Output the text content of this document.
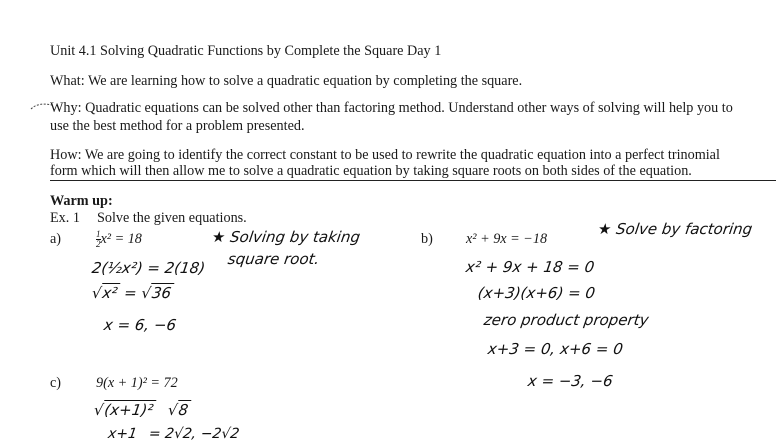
Unit 4.1 Solving Quadratic Functions by Complete the Square Day 1
What: We are learning how to solve a quadratic equation by completing the square.
Why: Quadratic equations can be solved other than factoring method. Understand other ways of solving will help you to
use the best method for a problem presented.
How: We are going to identify the correct constant to be used to rewrite the quadratic equation into a perfect trinomial
form which will then allow me to solve a quadratic equation by taking square roots on both sides of the equation.
Warm up:
Ex. 1 Solve the given equations.
a)	$\frac{1}{2} x^2 = 18$	★ Solving by taking
square root.
2(½x²) = 2(18)
√x² = √36
x = 6, −6
b) x² + 9x = −18
★ Solve by factoring
x² + 9x + 18 = 0
(x+3)(x+6) = 0
zero product property
x+3 = 0, x+6 = 0
x = −3, −6
c) 9(x + 1)² = 72
√(x+1)² √8
x+1 = 2√2, −2√2
